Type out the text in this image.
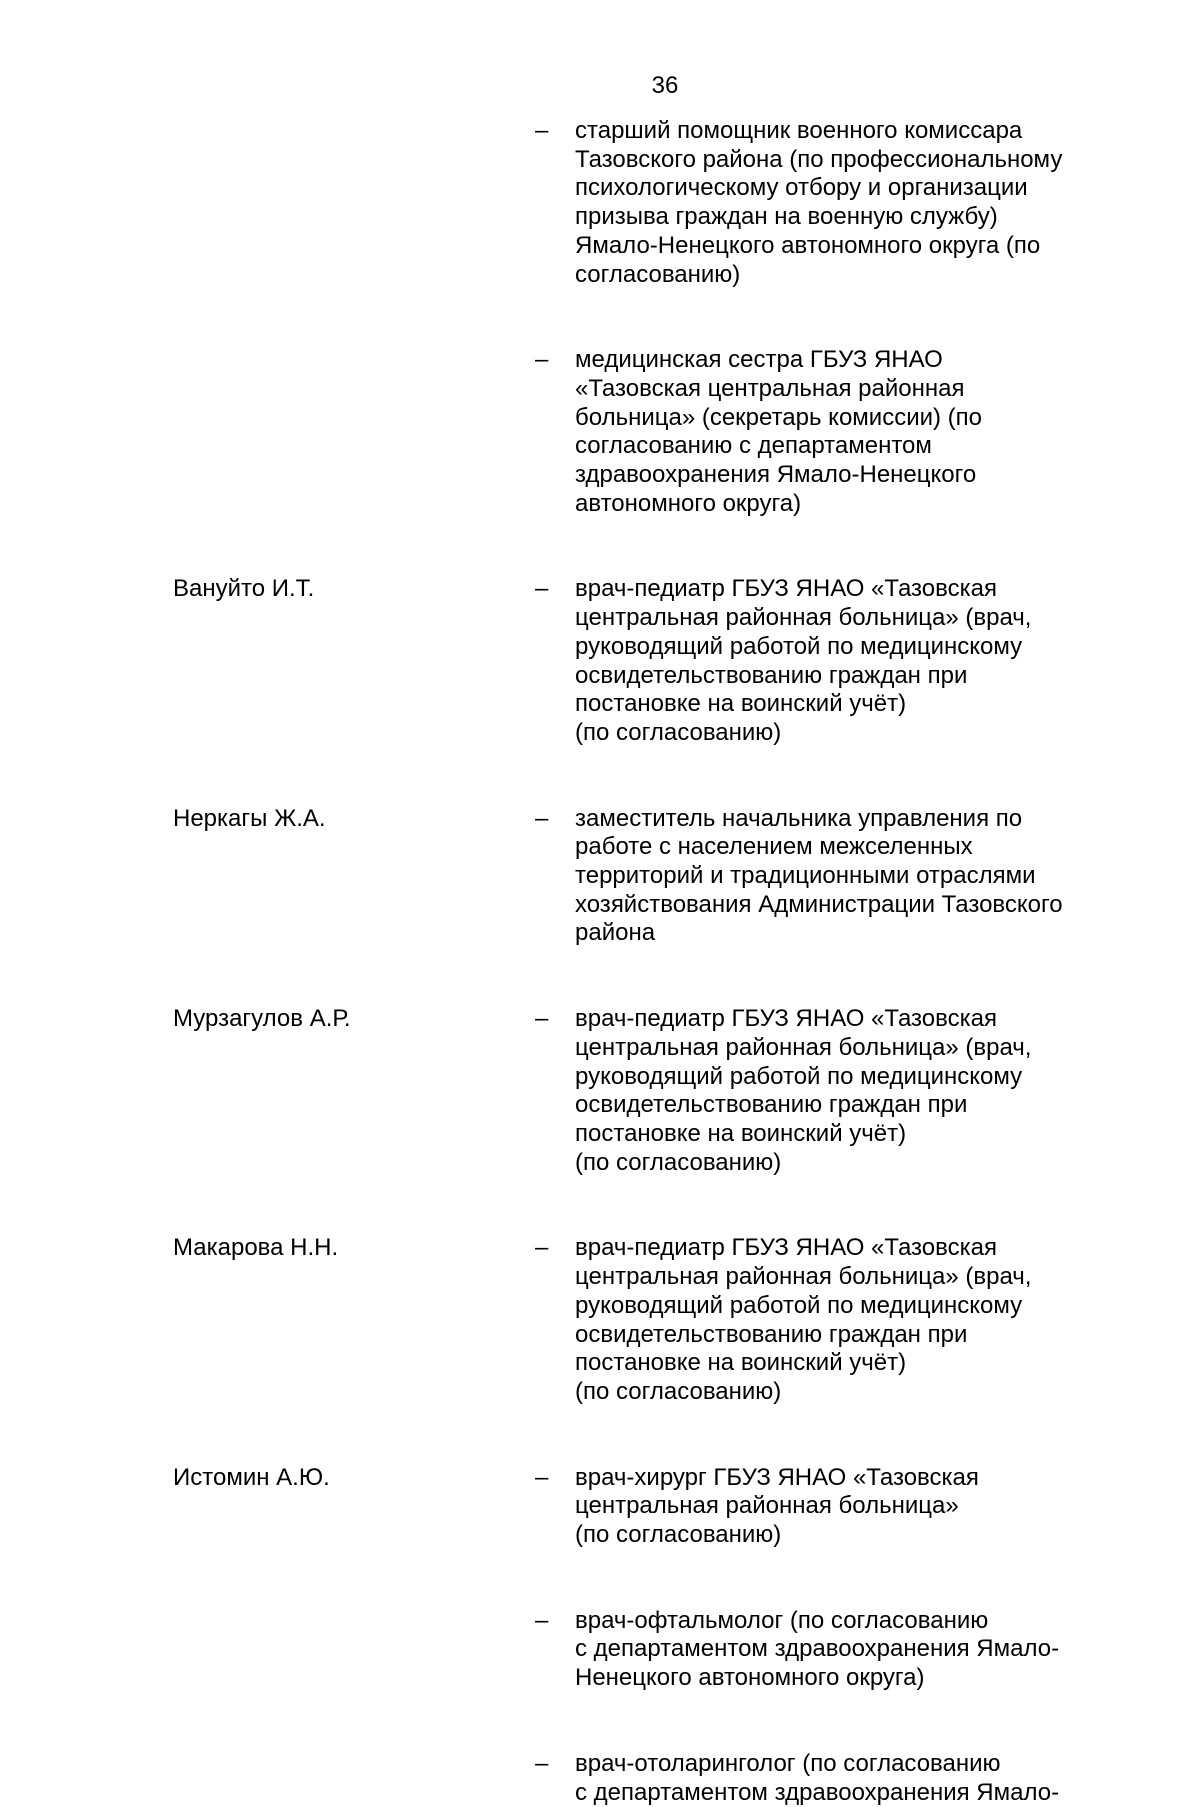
36
– старший помощник военного комиссара
Тазовского района (по профессиональному
психологическому отбору и организации
призыва граждан на военную службу)
Ямало-Ненецкого автономного округа (по
согласованию)
– медицинская сестра ГБУЗ ЯНАО
«Тазовская центральная районная
больница» (секретарь комиссии) (по
согласованию с департаментом
здравоохранения Ямало-Ненецкого
автономного округа)
Вануйто И.Т.	– врач-педиатр ГБУЗ ЯНАО «Тазовская
центральная районная больница» (врач,
руководящий работой по медицинскому
освидетельствованию граждан при
постановке на воинский учёт)
(по согласованию)
Неркагы Ж.А.	– заместитель начальника управления по
работе с населением межселенных
территорий и традиционными отраслями
хозяйствования Администрации Тазовского
района
Мурзагулов А.Р.	– врач-педиатр ГБУЗ ЯНАО «Тазовская
центральная районная больница» (врач,
руководящий работой по медицинскому
освидетельствованию граждан при
постановке на воинский учёт)
(по согласованию)
Макарова Н.Н.	– врач-педиатр ГБУЗ ЯНАО «Тазовская
центральная районная больница» (врач,
руководящий работой по медицинскому
освидетельствованию граждан при
постановке на воинский учёт)
(по согласованию)
Истомин А.Ю.	– врач-хирург ГБУЗ ЯНАО «Тазовская
центральная районная больница»
(по согласованию)
– врач-офтальмолог (по согласованию
с департаментом здравоохранения Ямало-
Ненецкого автономного округа)
– врач-отоларинголог (по согласованию
с департаментом здравоохранения Ямало-
